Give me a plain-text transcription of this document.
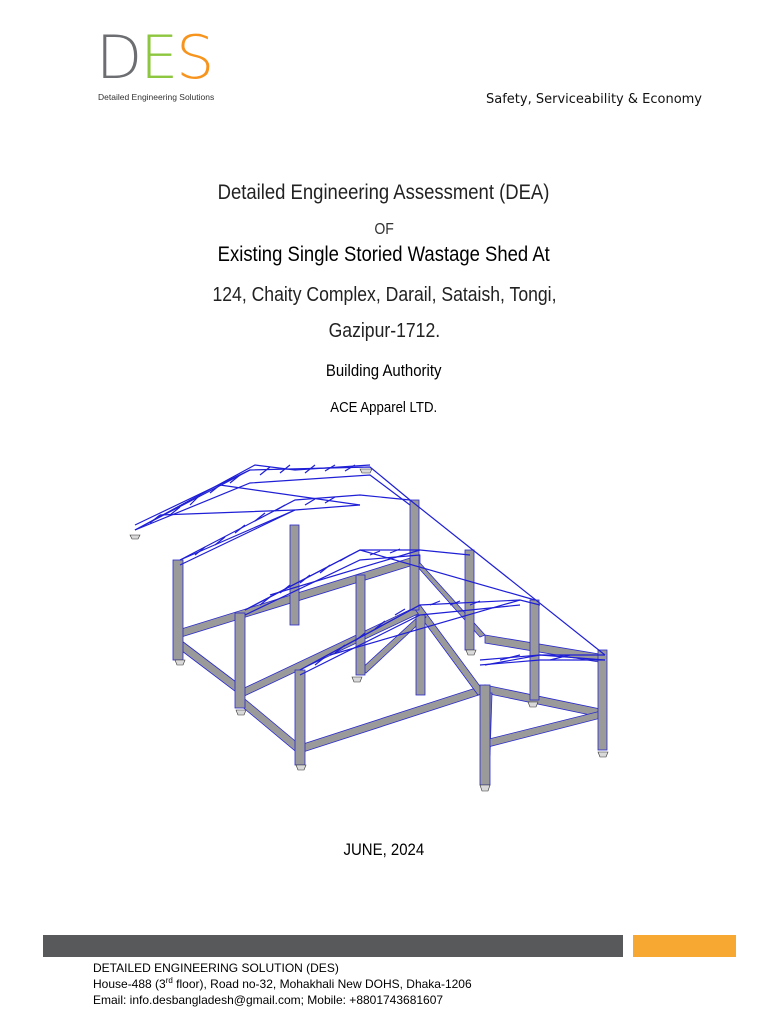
DES
Detailed Engineering Solutions	Safety, Serviceability & Economy
Detailed Engineering Assessment (DEA)
OF
Existing Single Storied Wastage Shed At
124, Chaity Complex, Darail, Sataish, Tongi,
Gazipur-1712.
Building Authority
ACE Apparel LTD.
JUNE, 2024
DETAILED ENGINEERING SOLUTION (DES)
House-488 (3rd floor), Road no-32, Mohakhali New DOHS, Dhaka-1206
Email: info.desbangladesh@gmail.com; Mobile: +8801743681607
